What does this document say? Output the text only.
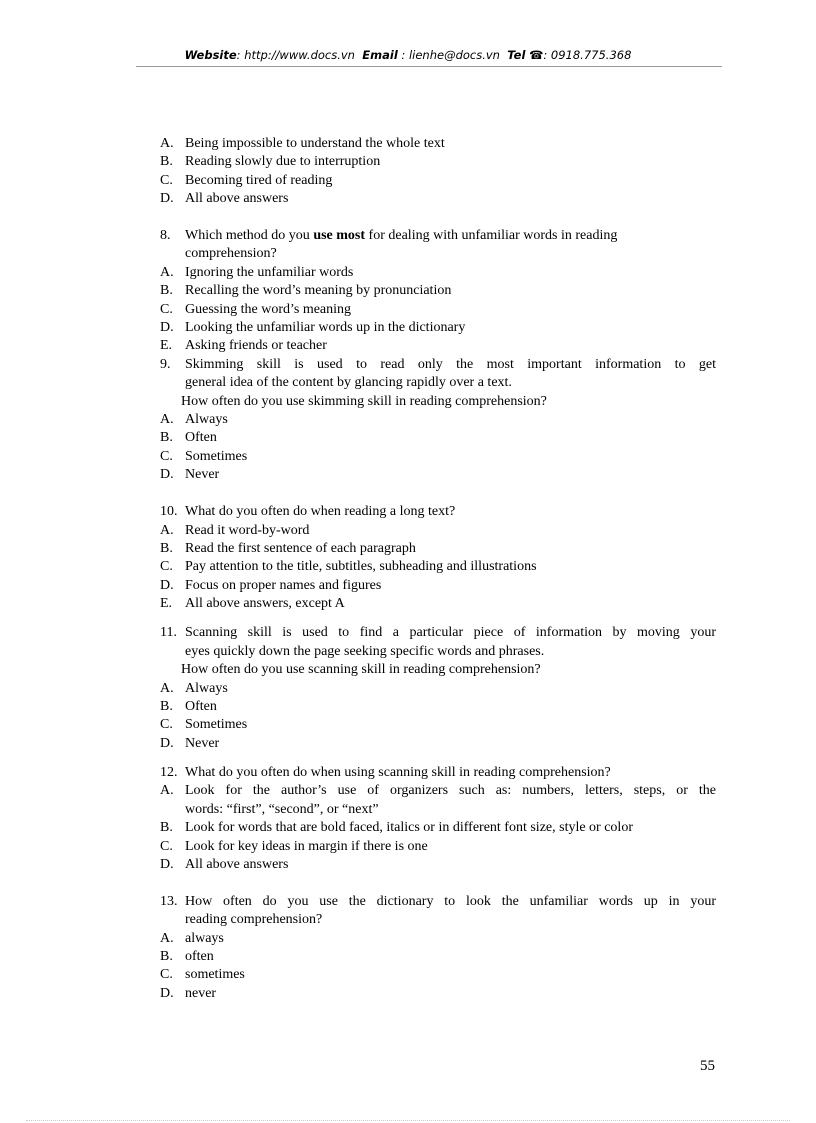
Website: http://www.docs.vn Email : lienhe@docs.vn Tel ☎: 0918.775.368
A. Being impossible to understand the whole text
B. Reading slowly due to interruption
C. Becoming tired of reading
D. All above answers
8. Which method do you use most for dealing with unfamiliar words in reading
comprehension?
A. Ignoring the unfamiliar words
B. Recalling the word’s meaning by pronunciation
C. Guessing the word’s meaning
D. Looking the unfamiliar words up in the dictionary
E. Asking friends or teacher
9. Skimming skill is used to read only the most important information to get
general idea of the content by glancing rapidly over a text.
How often do you use skimming skill in reading comprehension?
A. Always
B. Often
C. Sometimes
D. Never
10. What do you often do when reading a long text?
A. Read it word-by-word
B. Read the first sentence of each paragraph
C. Pay attention to the title, subtitles, subheading and illustrations
D. Focus on proper names and figures
E. All above answers, except A
11. Scanning skill is used to find a particular piece of information by moving your
eyes quickly down the page seeking specific words and phrases.
How often do you use scanning skill in reading comprehension?
A. Always
B. Often
C. Sometimes
D. Never
12. What do you often do when using scanning skill in reading comprehension?
A. Look for the author’s use of organizers such as: numbers, letters, steps, or the
words: “first”, “second”, or “next”
B. Look for words that are bold faced, italics or in different font size, style or color
C. Look for key ideas in margin if there is one
D. All above answers
13. How often do you use the dictionary to look the unfamiliar words up in your
reading comprehension?
A. always
B. often
C. sometimes
D. never
55
